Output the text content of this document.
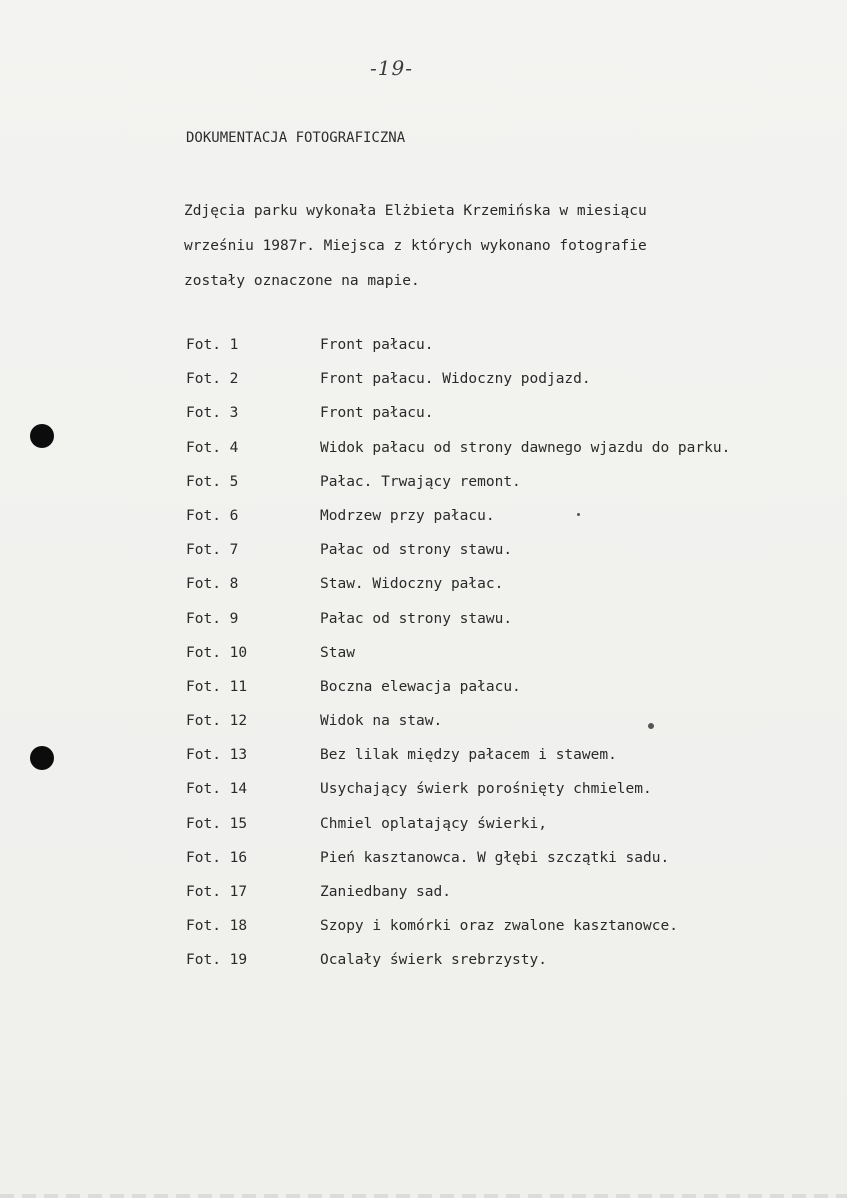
-19-
DOKUMENTACJA FOTOGRAFICZNA
Zdjęcia parku wykonała Elżbieta Krzemińska w miesiącu
wrześniu 1987r. Miejsca z których wykonano fotografie
zostały oznaczone na mapie.
Fot. 1	Front pałacu.
Fot. 2	Front pałacu. Widoczny podjazd.
Fot. 3	Front pałacu.
Fot. 4	Widok pałacu od strony dawnego wjazdu do parku.
Fot. 5	Pałac. Trwający remont.
Fot. 6	Modrzew przy pałacu.
Fot. 7	Pałac od strony stawu.
Fot. 8	Staw. Widoczny pałac.
Fot. 9	Pałac od strony stawu.
Fot. 10	Staw
Fot. 11	Boczna elewacja pałacu.
Fot. 12	Widok na staw.
Fot. 13	Bez lilak między pałacem i stawem.
Fot. 14	Usychający świerk porośnięty chmielem.
Fot. 15	Chmiel oplatający świerki,
Fot. 16	Pień kasztanowca. W głębi szczątki sadu.
Fot. 17	Zaniedbany sad.
Fot. 18	Szopy i komórki oraz zwalone kasztanowce.
Fot. 19	Ocalały świerk srebrzysty.
